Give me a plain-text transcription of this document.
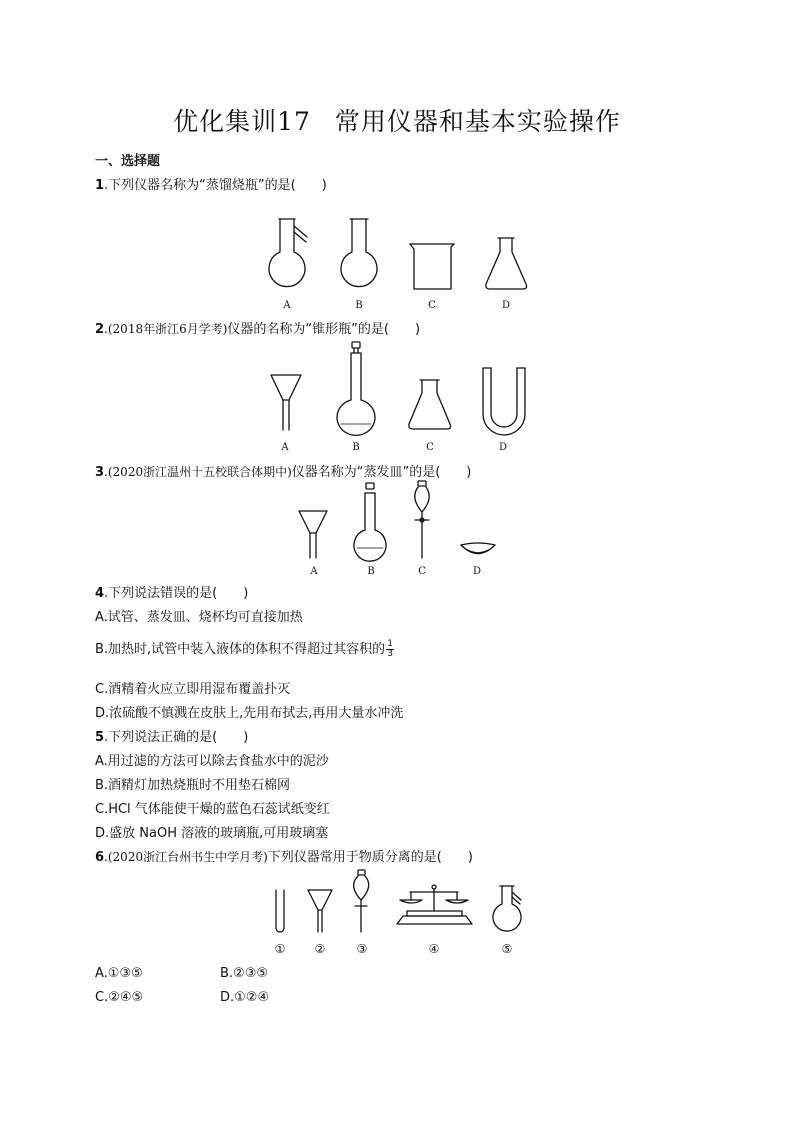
优化集训17 常用仪器和基本实验操作
一、选择题
1.下列仪器名称为“蒸馏烧瓶”的是(　　)
A	B	C	D
2.(2018年浙江6月学考)仪器的名称为“锥形瓶”的是(　　)
A	B	C	D
3.(2020浙江温州十五校联合体期中)仪器名称为“蒸发皿”的是(　　)
A	B	C	D
4.下列说法错误的是(　　)
A.试管、蒸发皿、烧杯均可直接加热
B.加热时,试管中装入液体的体积不得超过其容积的 $\frac{1}{3}$
C.酒精着火应立即用湿布覆盖扑灭
D.浓硫酸不慎溅在皮肤上,先用布拭去,再用大量水冲洗
5.下列说法正确的是(　　)
A.用过滤的方法可以除去食盐水中的泥沙
B.酒精灯加热烧瓶时不用垫石棉网
C.HCl 气体能使干燥的蓝色石蕊试纸变红
D.盛放 NaOH 溶液的玻璃瓶,可用玻璃塞
6.(2020浙江台州书生中学月考)下列仪器常用于物质分离的是(　　)
① ②	③	④	⑤
A.①③⑤	B.②③⑤
C.②④⑤	D.①②④
